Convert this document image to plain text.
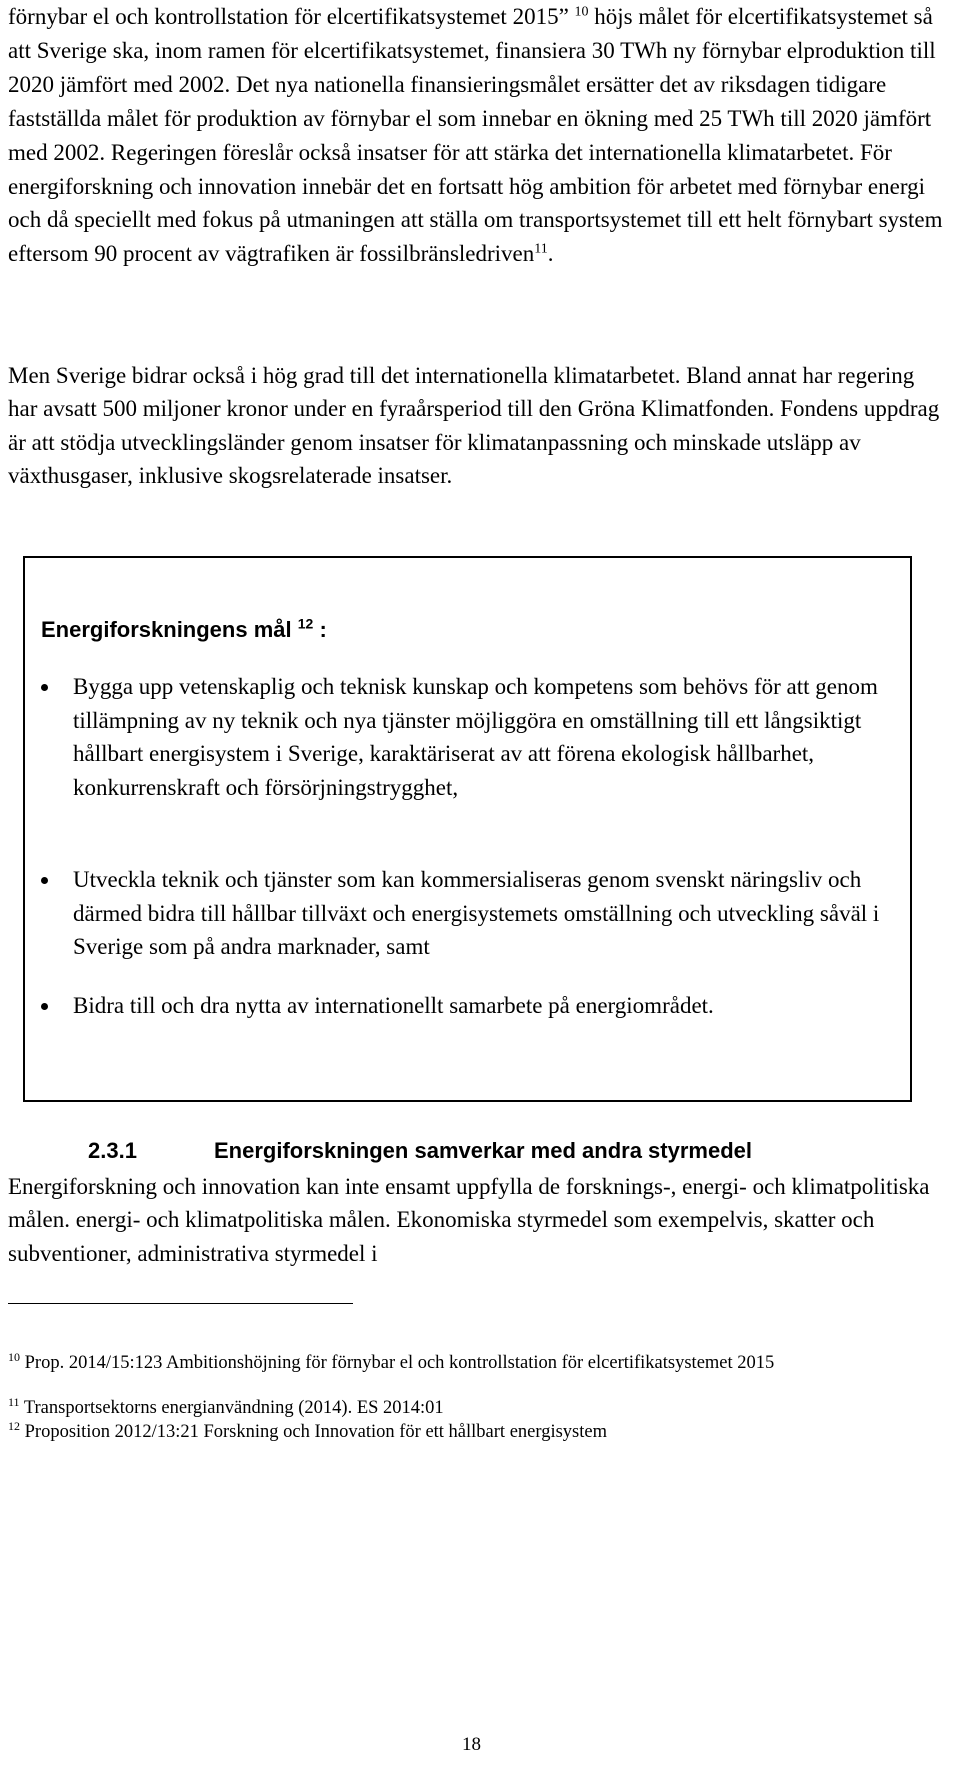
förnybar el och kontrollstation för elcertifikatsystemet 2015” $^{10}$ höjs målet för elcertifikatsystemet så att Sverige ska, inom ramen för elcertifikatsystemet, finansiera 30 TWh ny förnybar elproduktion till 2020 jämfört med 2002. Det nya nationella finansieringsmålet ersätter det av riksdagen tidigare fastställda målet för produktion av förnybar el som innebar en ökning med 25 TWh till 2020 jämfört med 2002. Regeringen föreslår också insatser för att stärka det internationella klimatarbetet. För energiforskning och innovation innebär det en fortsatt hög ambition för arbetet med förnybar energi och då speciellt med fokus på utmaningen att ställa om transportsystemet till ett helt förnybart system eftersom 90 procent av vägtrafiken är fossilbränsledriven$^{11}$.

Men Sverige bidrar också i hög grad till det internationella klimatarbetet. Bland annat har regering har avsatt 500 miljoner kronor under en fyraårsperiod till den Gröna Klimatfonden. Fondens uppdrag är att stödja utvecklingsländer genom insatser för klimatanpassning och minskade utsläpp av växthusgaser, inklusive skogsrelaterade insatser.

Energiforskningens mål $^{12}$ :

Bygga upp vetenskaplig och teknisk kunskap och kompetens som behövs för att genom tillämpning av ny teknik och nya tjänster möjliggöra en omställning till ett långsiktigt hållbart energisystem i Sverige, karaktäriserat av att förena ekologisk hållbarhet, konkurrenskraft och försörjningstrygghet,
Utveckla teknik och tjänster som kan kommersialiseras genom svenskt näringsliv och därmed bidra till hållbar tillväxt och energisystemets omställning och utveckling såväl i Sverige som på andra marknader, samt
Bidra till och dra nytta av internationellt samarbete på energiområdet.

2.3.1	Energiforskningen samverkar med andra styrmedel

Energiforskning och innovation kan inte ensamt uppfylla de forsknings-, energi- och klimatpolitiska målen. energi- och klimatpolitiska målen. Ekonomiska styrmedel som exempelvis, skatter och subventioner, administrativa styrmedel i

$^{10}$ Prop. 2014/15:123 Ambitionshöjning för förnybar el och kontrollstation för elcertifikatsystemet 2015

$^{11}$ Transportsektorns energianvändning (2014). ES 2014:01

$^{12}$ Proposition 2012/13:21 Forskning och Innovation för ett hållbart energisystem

18
